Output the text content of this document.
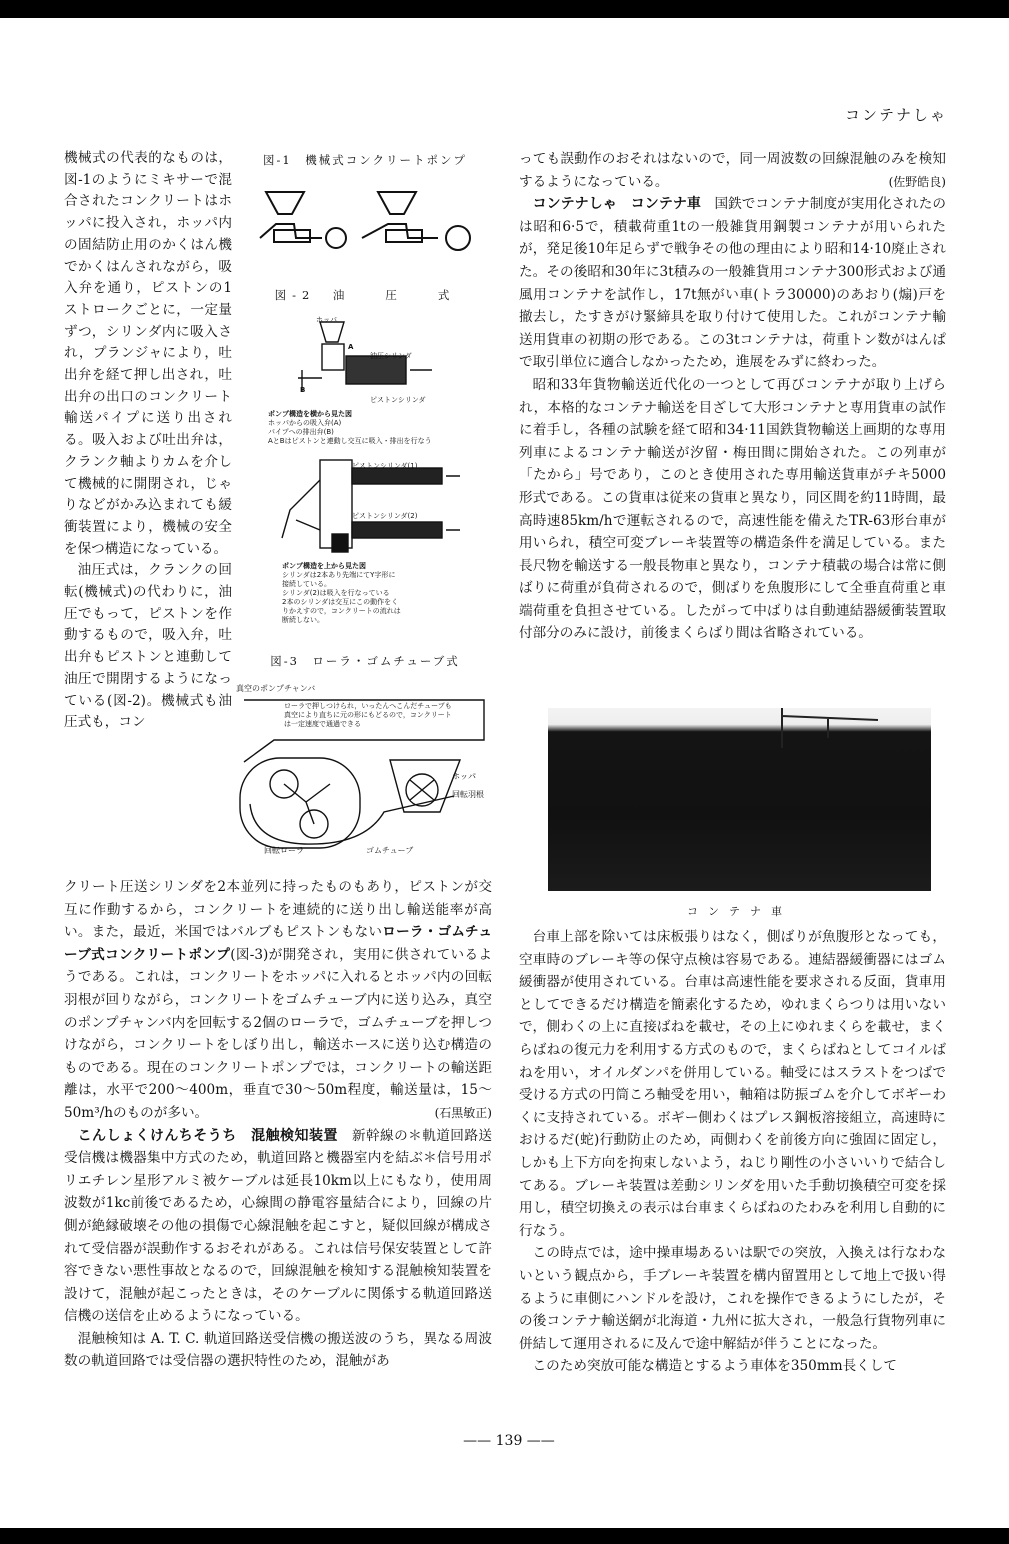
コンテナしゃ

機械式の代表的なものは，図-1のようにミキサーで混合されたコンクリートはホッパに投入され，ホッパ内の固結防止用のかくはん機でかくはんされながら，吸入弁を通り，ピストンの1ストロークごとに，一定量ずつ，シリンダ内に吸入され，プランジャにより，吐出弁を経て押し出され，吐出弁の出口のコンクリート輸送パイプに送り出される。吸入および吐出弁は，クランク軸よりカムを介して機械的に開閉され，じゃりなどがかみ込まれても緩衝装置により，機械の安全を保つ構造になっている。

油圧式は，クランクの回転(機械式)の代わりに，油圧でもって，ピストンを作動するもので，吸入弁，吐出弁もピストンと連動して油圧で開閉するようになっている(図-2)。機械式も油圧式も，コン

図-1　機械式コンクリートポンプ
図-2　油　　圧　　式
ホッパ
油圧シリンダ
ピストンシリンダ
A
B

ポンプ構造を横から見た図

ホッパからの吸入弁(A)

パイプへの排出弁(B)

AとBはピストンと連動し交互に吸入・排出を行なう

ピストンシリンダ(1)
ピストンシリンダ(2)

ポンプ構造を上から見た図

シリンダは2本あり先端にてY字形に

接続している。

シリンダ(2)は吸入を行なっている

2本のシリンダは交互にこの動作をく

りかえすので，コンクリートの流れは

断続しない。

図-3　ローラ・ゴムチューブ式
真空のポンプチャンバ

ローラで押しつけられ，いったんへこんだチューブも

真空により直ちに元の形にもどるので，コンクリート

は一定速度で通過できる

ホッパ
回転羽根
回転ローラ	ゴムチューブ

クリート圧送シリンダを2本並列に持ったものもあり，ピストンが交互に作動するから，コンクリートを連続的に送り出し輸送能率が高い。また，最近，米国ではバルブもピストンもないローラ・ゴムチューブ式コンクリートポンプ(図-3)が開発され，実用に供されているようである。これは，コンクリートをホッパに入れるとホッパ内の回転羽根が回りながら，コンクリートをゴムチューブ内に送り込み，真空のポンプチャンバ内を回転する2個のローラで，ゴムチューブを押しつけながら，コンクリートをしぼり出し，輸送ホースに送り込む構造のものである。現在のコンクリートポンプでは，コンクリートの輸送距離は，水平で200～400m，垂直で30～50m程度，輸送量は，15～50m³/hのものが多い。	(石黒敏正)

こんしょくけんちそうち　混触検知装置　 新幹線の＊軌道回路送受信機は機器集中方式のため，軌道回路と機器室内を結ぶ＊信号用ポリエチレン星形アルミ被ケーブルは延長10km以上にもなり，使用周波数が1kc前後であるため，心線間の静電容量結合により，回線の片側が絶縁破壊その他の損傷で心線混触を起こすと，疑似回線が構成されて受信器が誤動作するおそれがある。これは信号保安装置として許容できない悪性事故となるので，回線混触を検知する混触検知装置を設けて，混触が起こったときは，そのケーブルに関係する軌道回路送信機の送信を止めるようになっている。

混触検知は A. T. C. 軌道回路送受信機の搬送波のうち，異なる周波数の軌道回路では受信器の選択特性のため，混触があ

っても誤動作のおそれはないので，同一周波数の回線混触のみを検知するようになっている。	(佐野皓良)

コンテナしゃ　コンテナ車　 国鉄でコンテナ制度が実用化されたのは昭和6·5で，積載荷重1tの一般雑貨用鋼製コンテナが用いられたが，発足後10年足らずで戦争その他の理由により昭和14·10廃止された。その後昭和30年に3t積みの一般雑貨用コンテナ300形式および通風用コンテナを試作し，17t無がい車(トラ30000)のあおり(煽)戸を撤去し，たすきがけ緊締具を取り付けて使用した。これがコンテナ輸送用貨車の初期の形である。この3tコンテナは，荷重トン数がはんぱで取引単位に適合しなかったため，進展をみずに終わった。

昭和33年貨物輸送近代化の一つとして再びコンテナが取り上げられ，本格的なコンテナ輸送を目ざして大形コンテナと専用貨車の試作に着手し，各種の試験を経て昭和34·11国鉄貨物輸送上画期的な専用列車によるコンテナ輸送が汐留・梅田間に開始された。この列車が「たから」号であり，このとき使用された専用輸送貨車がチキ5000形式である。この貨車は従来の貨車と異なり，同区間を約11時間，最高時速85km/hで運転されるので，高速性能を備えたTR-63形台車が用いられ，積空可変ブレーキ装置等の構造条件を満足している。また長尺物を輸送する一般長物車と異なり，コンテナ積載の場合は常に側ばりに荷重が負荷されるので，側ばりを魚腹形にして全垂直荷重と車端荷重を負担させている。したがって中ばりは自動連結器緩衝装置取付部分のみに設け，前後まくらばり間は省略されている。

コンテナ車

台車上部を除いては床板張りはなく，側ばりが魚腹形となっても，空車時のブレーキ等の保守点検は容易である。連結器緩衝器にはゴム緩衝器が使用されている。台車は高速性能を要求される反面，貨車用としてできるだけ構造を簡素化するため，ゆれまくらつりは用いないで，側わくの上に直接ばねを載せ，その上にゆれまくらを載せ，まくらばねの復元力を利用する方式のもので，まくらばねとしてコイルばねを用い，オイルダンパを併用している。軸受にはスラストをつばで受ける方式の円筒ころ軸受を用い，軸箱は防振ゴムを介してボギーわくに支持されている。ボギー側わくはプレス鋼板溶接組立，高速時におけるだ(蛇)行動防止のため，両側わくを前後方向に強固に固定し，しかも上下方向を拘束しないよう，ねじり剛性の小さいいりで結合してある。ブレーキ装置は差動シリンダを用いた手動切換積空可変を採用し，積空切換えの表示は台車まくらばねのたわみを利用し自動的に行なう。

この時点では，途中操車場あるいは駅での突放，入換えは行なわないという観点から，手ブレーキ装置を構内留置用として地上で扱い得るように車側にハンドルを設け，これを操作できるようにしたが，その後コンテナ輸送網が北海道・九州に拡大され，一般急行貨物列車に併結して運用されるに及んで途中解結が伴うことになった。

このため突放可能な構造とするよう車体を350mm長くして

—— 139 ——
